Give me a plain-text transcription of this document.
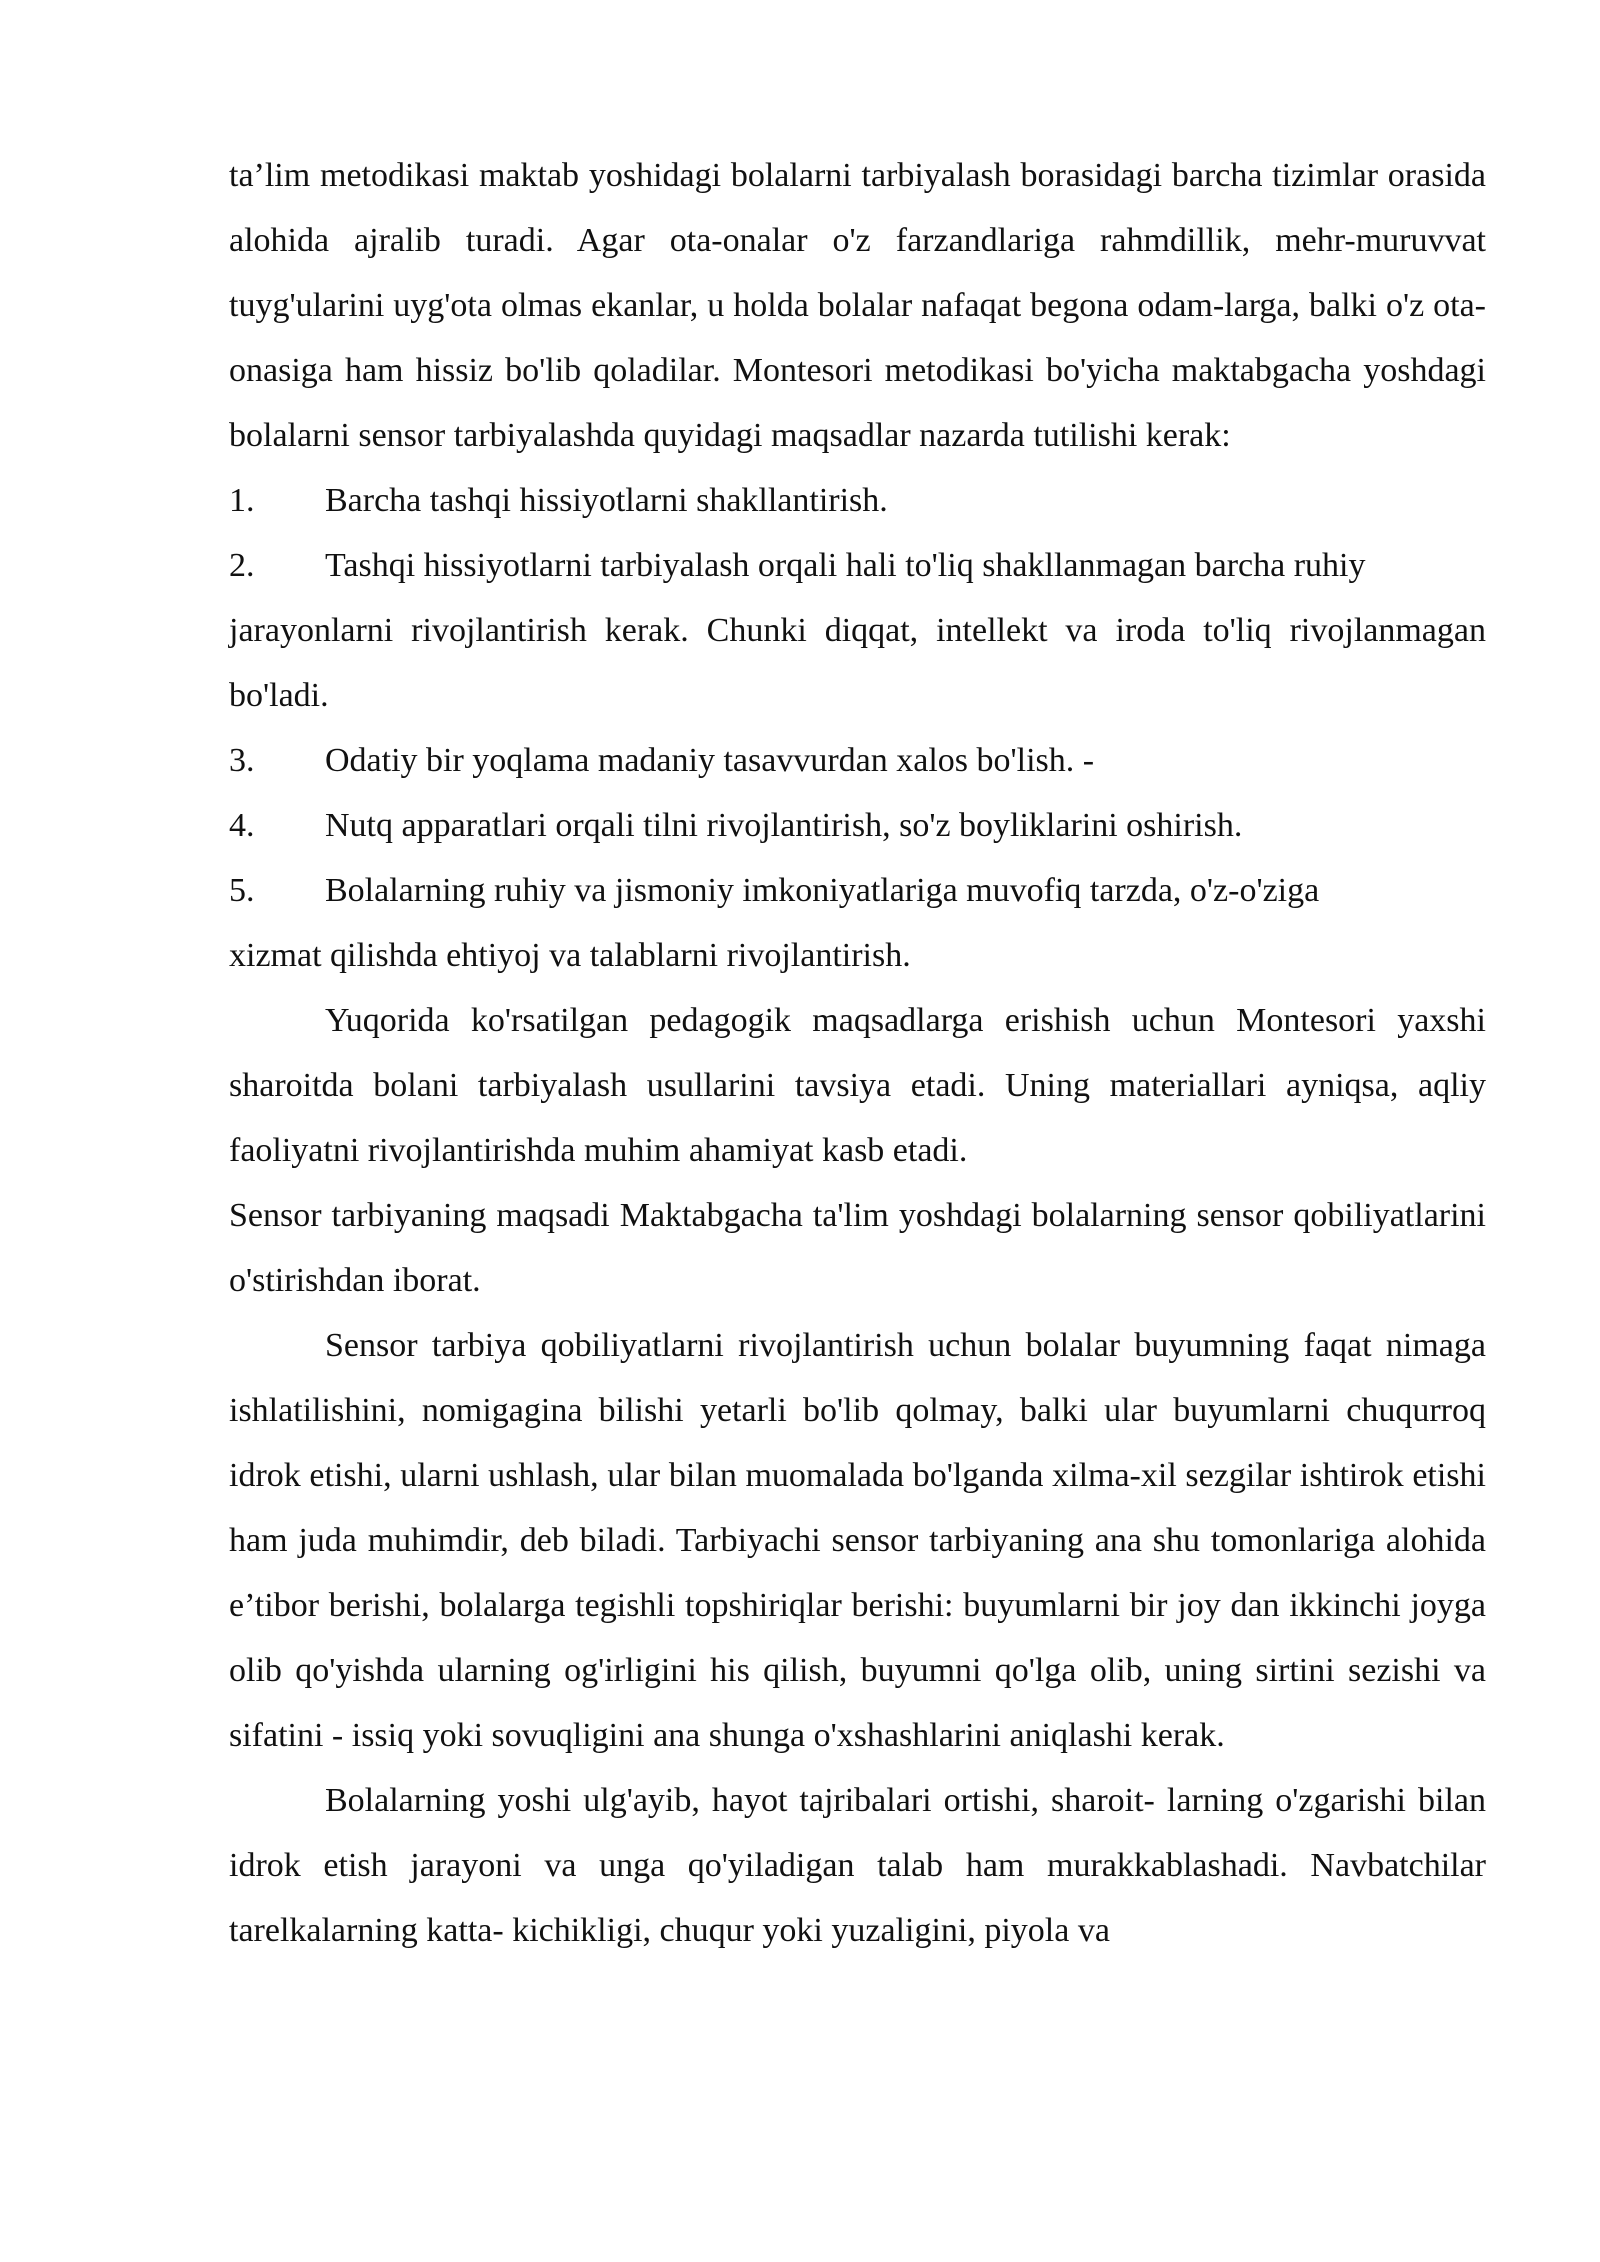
ta’lim metodikasi maktab yoshidagi bolalarni tarbiyalash borasidagi barcha tizimlar orasida alohida ajralib turadi. Agar ota-onalar o'z farzandlariga rahmdillik, mehr-muruvvat tuyg'ularini uyg'ota olmas ekanlar, u holda bolalar nafaqat begona odam-larga, balki o'z ota-onasiga ham hissiz bo'lib qoladilar. Montesori metodikasi bo'yicha maktabgacha yoshdagi bolalarni sensor tarbiyalashda quyidagi maqsadlar nazarda tutilishi kerak:

1.	Barcha tashqi hissiyotlarni shakllantirish.
2.	Tashqi hissiyotlarni tarbiyalash orqali hali to'liq shakllanmagan barcha ruhiy

jarayonlarni rivojlantirish kerak. Chunki diqqat, intellekt va iroda to'liq rivojlanmagan bo'ladi.

3.	Odatiy bir yoqlama madaniy tasavvurdan xalos bo'lish. -
4.	Nutq apparatlari orqali tilni rivojlantirish, so'z boyliklarini oshirish.
5.	Bolalarning ruhiy va jismoniy imkoniyatlariga muvofiq tarzda, o'z-o'ziga

xizmat qilishda ehtiyoj va talablarni rivojlantirish.

Yuqorida ko'rsatilgan pedagogik maqsadlarga erishish uchun Montesori yaxshi sharoitda bolani tarbiyalash usullarini tavsiya etadi. Uning materiallari ayniqsa, aqliy faoliyatni rivojlantirishda muhim ahamiyat kasb etadi.

Sensor tarbiyaning maqsadi Maktabgacha ta'lim yoshdagi bolalarning sensor qobiliyatlarini o'stirishdan iborat.

Sensor tarbiya qobiliyatlarni rivojlantirish uchun bolalar buyumning faqat nimaga ishlatilishini, nomigagina bilishi yetarli bo'lib qolmay, balki ular buyumlarni chuqurroq idrok etishi, ularni ushlash, ular bilan muomalada bo'lganda xilma-xil sezgilar ishtirok etishi ham juda muhimdir, deb biladi. Tarbiyachi sensor tarbiyaning ana shu tomonlariga alohida e’tibor berishi, bolalarga tegishli topshiriqlar berishi: buyumlarni bir joy dan ikkinchi joyga olib qo'yishda ularning og'irligini his qilish, buyumni qo'lga olib, uning sirtini sezishi va sifatini - issiq yoki sovuqligini ana shunga o'xshashlarini aniqlashi kerak.

Bolalarning yoshi ulg'ayib, hayot tajribalari ortishi, sharoit- larning o'zgarishi bilan idrok etish jarayoni va unga qo'yiladigan talab ham murakkablashadi. Navbatchilar tarelkalarning katta- kichikligi, chuqur yoki yuzaligini, piyola va
